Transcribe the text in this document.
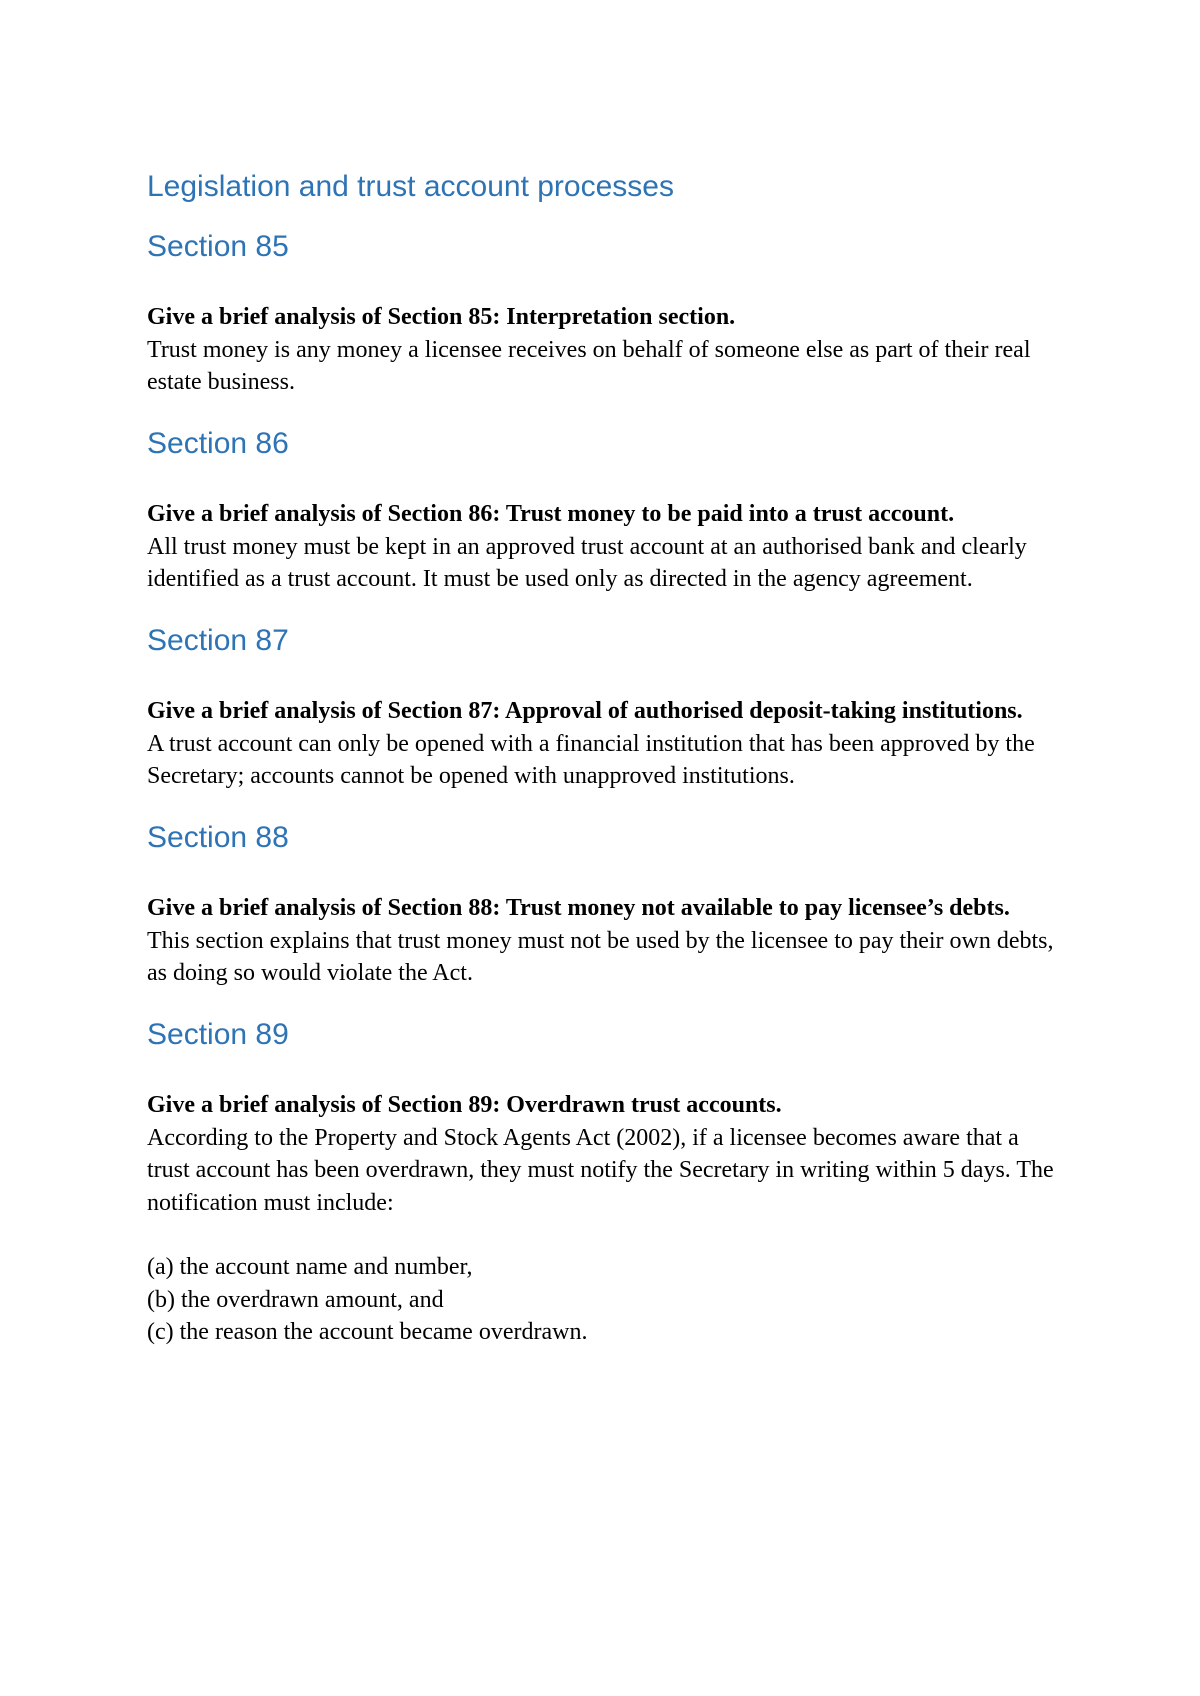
Legislation and trust account processes
Section 85

Give a brief analysis of Section 85: Interpretation section.

Trust money is any money a licensee receives on behalf of someone else as part of their real estate business.

Section 86

Give a brief analysis of Section 86: Trust money to be paid into a trust account.

All trust money must be kept in an approved trust account at an authorised bank and clearly identified as a trust account. It must be used only as directed in the agency agreement.

Section 87

Give a brief analysis of Section 87: Approval of authorised deposit-taking institutions.

A trust account can only be opened with a financial institution that has been approved by the Secretary; accounts cannot be opened with unapproved institutions.

Section 88

Give a brief analysis of Section 88: Trust money not available to pay licensee’s debts.

This section explains that trust money must not be used by the licensee to pay their own debts, as doing so would violate the Act.

Section 89

Give a brief analysis of Section 89: Overdrawn trust accounts.

According to the Property and Stock Agents Act (2002), if a licensee becomes aware that a trust account has been overdrawn, they must notify the Secretary in writing within 5 days. The notification must include:

(a) the account name and number,
(b) the overdrawn amount, and
(c) the reason the account became overdrawn.
